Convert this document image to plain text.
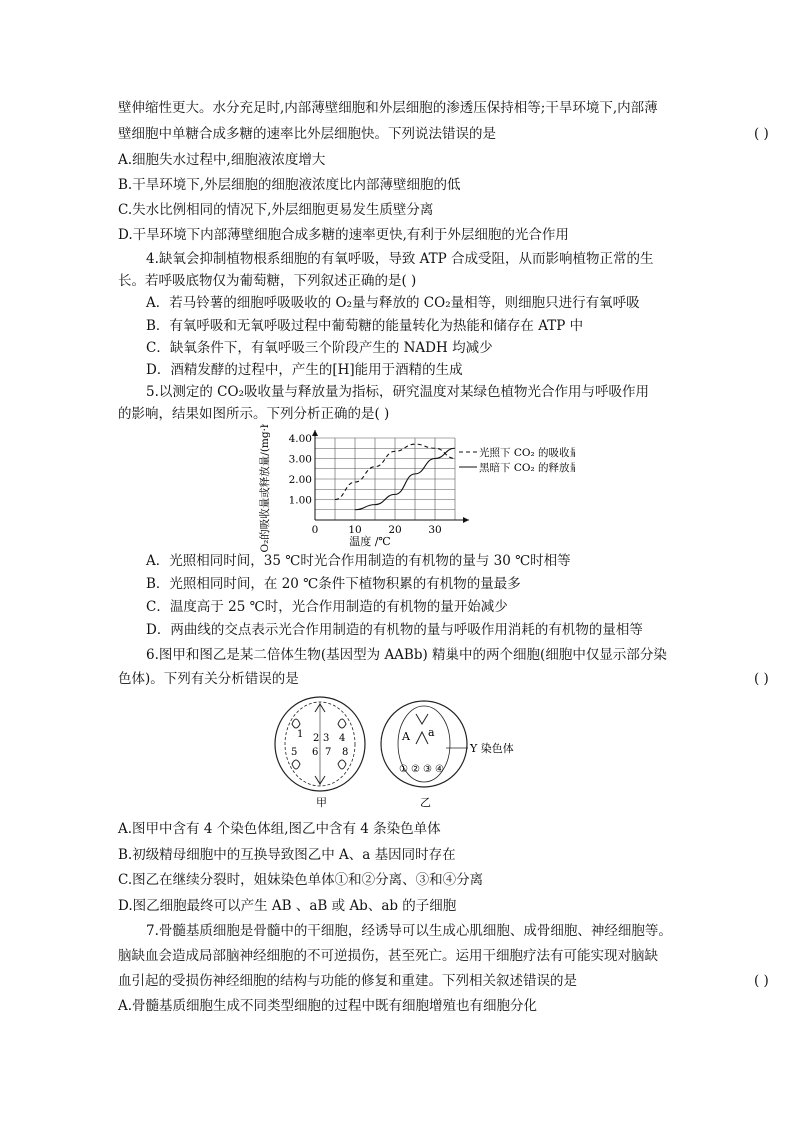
壁伸缩性更大。水分充足时,内部薄壁细胞和外层细胞的渗透压保持相等;干旱环境下,内部薄
壁细胞中单糖合成多糖的速率比外层细胞快。下列说法错误的是	( )
A.细胞失水过程中,细胞液浓度增大
B.干旱环境下,外层细胞的细胞液浓度比内部薄壁细胞的低
C.失水比例相同的情况下,外层细胞更易发生质壁分离
D.干旱环境下内部薄壁细胞合成多糖的速率更快,有利于外层细胞的光合作用
4.缺氧会抑制植物根系细胞的有氧呼吸，导致 ATP 合成受阻，从而影响植物正常的生
长。若呼吸底物仅为葡萄糖，下列叙述正确的是( )
A．若马铃薯的细胞呼吸吸收的 O₂量与释放的 CO₂量相等，则细胞只进行有氧呼吸
B．有氧呼吸和无氧呼吸过程中葡萄糖的能量转化为热能和储存在 ATP 中
C．缺氧条件下，有氧呼吸三个阶段产生的 NADH 均减少
D．酒精发酵的过程中，产生的[H]能用于酒精的生成
5.以测定的 CO₂吸收量与释放量为指标，研究温度对某绿色植物光合作用与呼吸作用
的影响，结果如图所示。下列分析正确的是( )
0	10	20	30
1.00
2.00
3.00
4.00
光照下 CO₂ 的吸收量
黑暗下 CO₂ 的释放量
CO₂的吸收量或释放量/(mg·h⁻¹)	温度 /℃
A．光照相同时间，35 ℃时光合作用制造的有机物的量与 30 ℃时相等
B．光照相同时间，在 20 ℃条件下植物积累的有机物的量最多
C．温度高于 25 ℃时，光合作用制造的有机物的量开始减少
D．两曲线的交点表示光合作用制造的有机物的量与呼吸作用消耗的有机物的量相等
6.图甲和图乙是某二倍体生物(基因型为 AABb) 精巢中的两个细胞(细胞中仅显示部分染
色体)。下列有关分析错误的是	( )
2 3 4
5 6 7 8
1
甲
A a
① ② ③ ④
Y 染色体
乙
A.图甲中含有 4 个染色体组,图乙中含有 4 条染色单体
B.初级精母细胞中的互换导致图乙中 A、a 基因同时存在
C.图乙在继续分裂时，姐妹染色单体①和②分离、③和④分离
D.图乙细胞最终可以产生 AB 、aB 或 Ab、ab 的子细胞
7.骨髓基质细胞是骨髓中的干细胞，经诱导可以生成心肌细胞、成骨细胞、神经细胞等。
脑缺血会造成局部脑神经细胞的不可逆损伤，甚至死亡。运用干细胞疗法有可能实现对脑缺
血引起的受损伤神经细胞的结构与功能的修复和重建。下列相关叙述错误的是	( )
A.骨髓基质细胞生成不同类型细胞的过程中既有细胞增殖也有细胞分化
